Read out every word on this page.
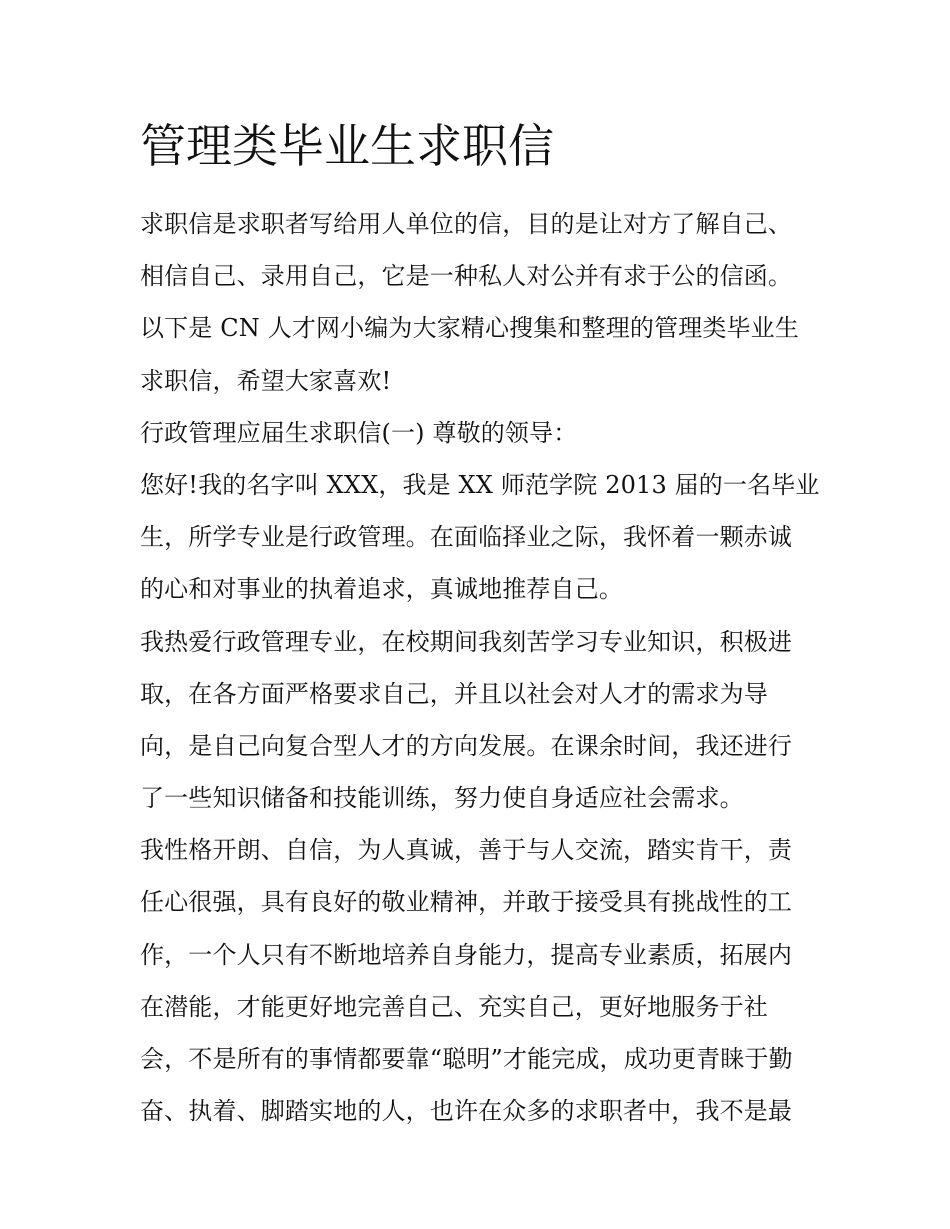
管理类毕业生求职信
求职信是求职者写给用人单位的信，目的是让对方了解自己、
相信自己、录用自己，它是一种私人对公并有求于公的信函。
以下是 CN 人才网小编为大家精心搜集和整理的管理类毕业生
求职信，希望大家喜欢!
行政管理应届生求职信(一) 尊敬的领导：
您好!我的名字叫 XXX，我是 XX 师范学院 2013 届的一名毕业
生，所学专业是行政管理。在面临择业之际，我怀着一颗赤诚
的心和对事业的执着追求，真诚地推荐自己。
我热爱行政管理专业，在校期间我刻苦学习专业知识，积极进
取，在各方面严格要求自己，并且以社会对人才的需求为导
向，是自己向复合型人才的方向发展。在课余时间，我还进行
了一些知识储备和技能训练，努力使自身适应社会需求。
我性格开朗、自信，为人真诚，善于与人交流，踏实肯干，责
任心很强，具有良好的敬业精神，并敢于接受具有挑战性的工
作，一个人只有不断地培养自身能力，提高专业素质，拓展内
在潜能，才能更好地完善自己、充实自己，更好地服务于社
会，不是所有的事情都要靠“聪明”才能完成，成功更青睐于勤
奋、执着、脚踏实地的人，也许在众多的求职者中，我不是最
